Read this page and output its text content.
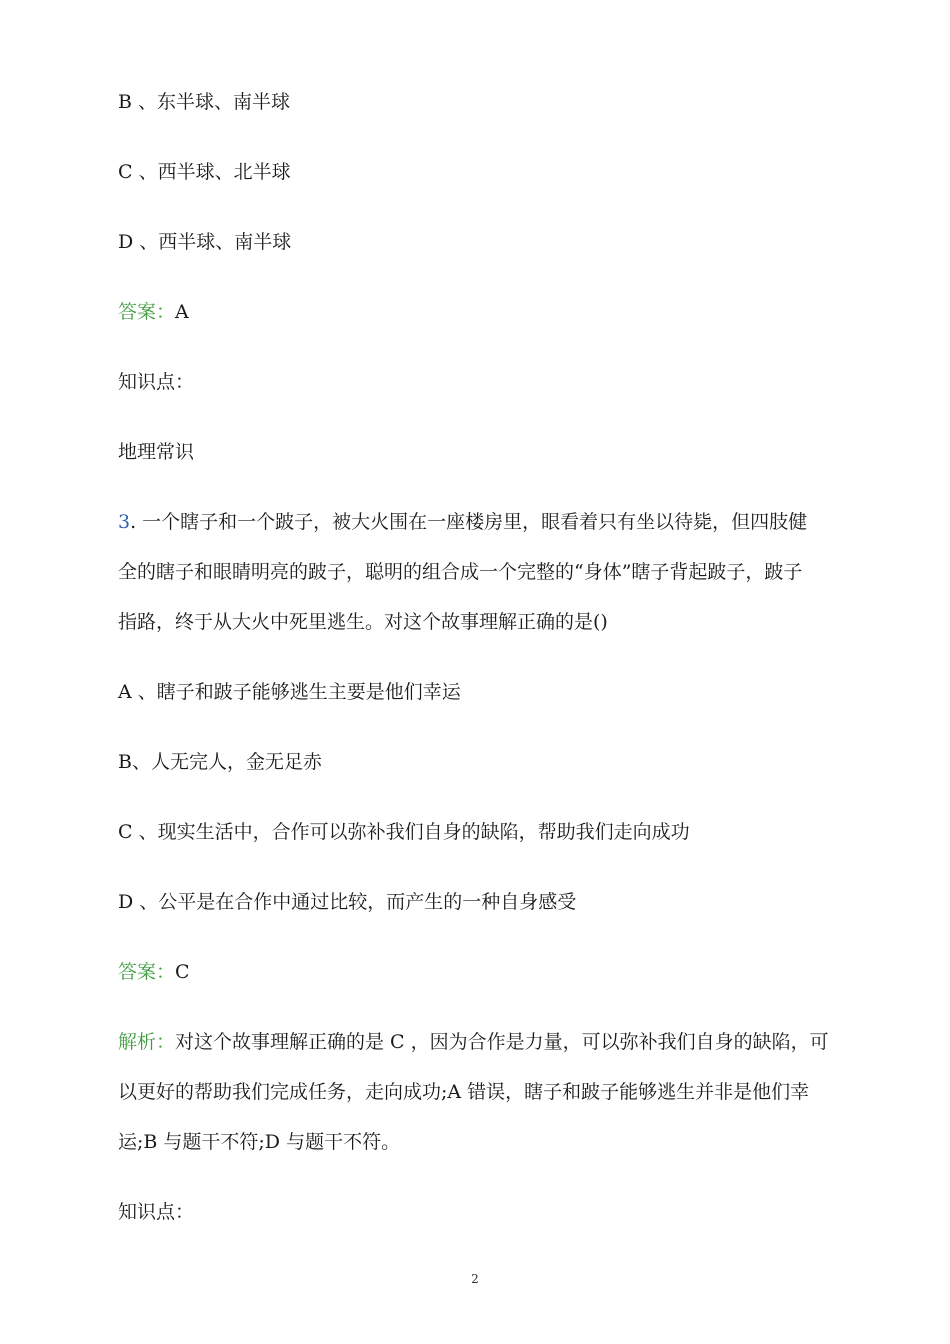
B 、东半球、南半球
C 、西半球、北半球
D 、西半球、南半球
答案：A
知识点：
地理常识
3. 一个瞎子和一个跛子，被大火围在一座楼房里，眼看着只有坐以待毙，但四肢健
全的瞎子和眼睛明亮的跛子，聪明的组合成一个完整的“身体”瞎子背起跛子，跛子
指路，终于从大火中死里逃生。对这个故事理解正确的是()
A 、瞎子和跛子能够逃生主要是他们幸运
B、人无完人，金无足赤
C 、现实生活中，合作可以弥补我们自身的缺陷，帮助我们走向成功
D 、公平是在合作中通过比较，而产生的一种自身感受
答案：C
解析：对这个故事理解正确的是 C ，因为合作是力量，可以弥补我们自身的缺陷，可
以更好的帮助我们完成任务，走向成功;A 错误，瞎子和跛子能够逃生并非是他们幸
运;B 与题干不符;D 与题干不符。
知识点：
2
